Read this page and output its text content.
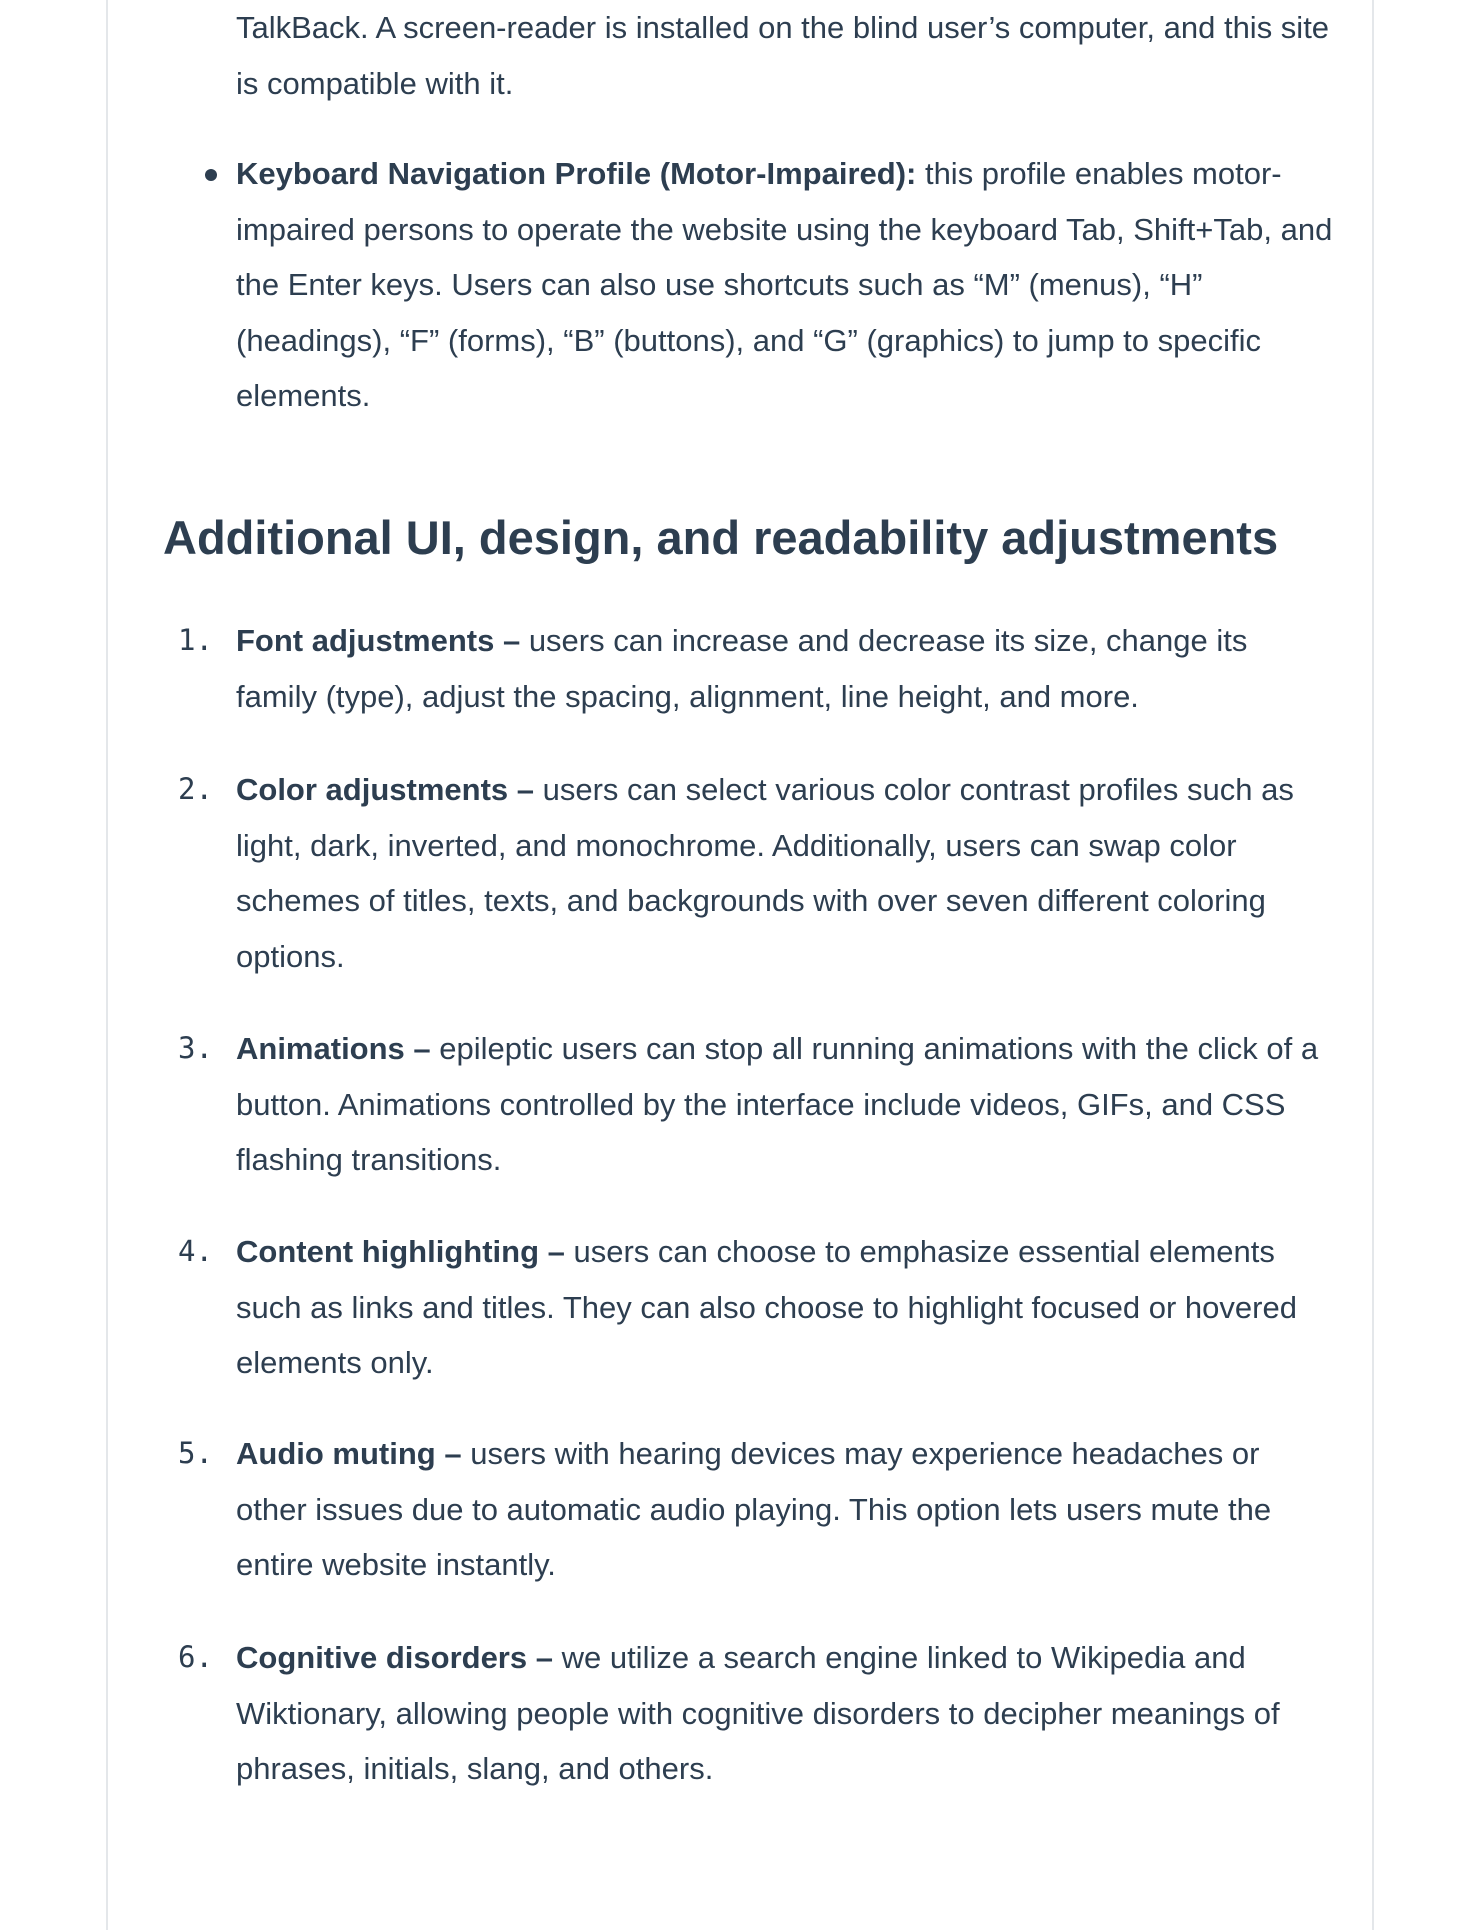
TalkBack. A screen-reader is installed on the blind user’s computer, and this site is compatible with it.

Keyboard Navigation Profile (Motor-Impaired): this profile enables motor-impaired persons to operate the website using the keyboard Tab, Shift+Tab, and the Enter keys. Users can also use shortcuts such as “M” (menus), “H” (headings), “F” (forms), “B” (buttons), and “G” (graphics) to jump to specific elements.

Additional UI, design, and readability adjustments
1. Font adjustments – users can increase and decrease its size, change its family (type), adjust the spacing, alignment, line height, and more.

2. Color adjustments – users can select various color contrast profiles such as light, dark, inverted, and monochrome. Additionally, users can swap color schemes of titles, texts, and backgrounds with over seven different coloring options.

3. Animations – epileptic users can stop all running animations with the click of a button. Animations controlled by the interface include videos, GIFs, and CSS flashing transitions.

4. Content highlighting – users can choose to emphasize essential elements such as links and titles. They can also choose to highlight focused or hovered elements only.

5. Audio muting – users with hearing devices may experience headaches or other issues due to automatic audio playing. This option lets users mute the entire website instantly.

6. Cognitive disorders – we utilize a search engine linked to Wikipedia and Wiktionary, allowing people with cognitive disorders to decipher meanings of phrases, initials, slang, and others.
